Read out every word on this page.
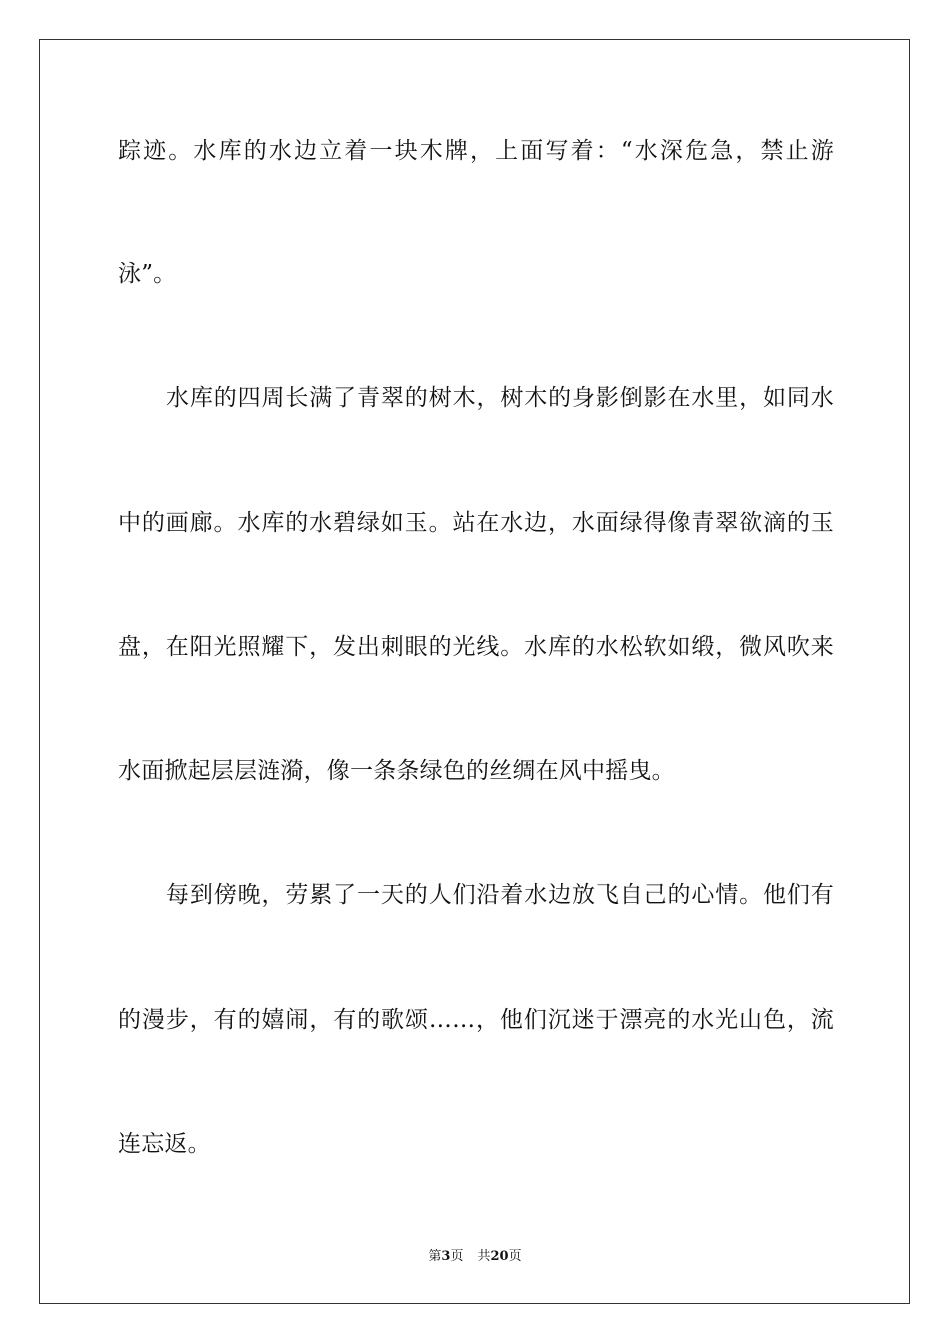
踪迹。水库的水边立着一块木牌，上面写着：“水深危急，禁止游
泳”。
水库的四周长满了青翠的树木，树木的身影倒影在水里，如同水
中的画廊。水库的水碧绿如玉。站在水边，水面绿得像青翠欲滴的玉
盘，在阳光照耀下，发出刺眼的光线。水库的水松软如缎，微风吹来
水面掀起层层涟漪，像一条条绿色的丝绸在风中摇曳。
每到傍晚，劳累了一天的人们沿着水边放飞自己的心情。他们有
的漫步，有的嬉闹，有的歌颂……，他们沉迷于漂亮的水光山色，流
连忘返。
第3页 共20页
